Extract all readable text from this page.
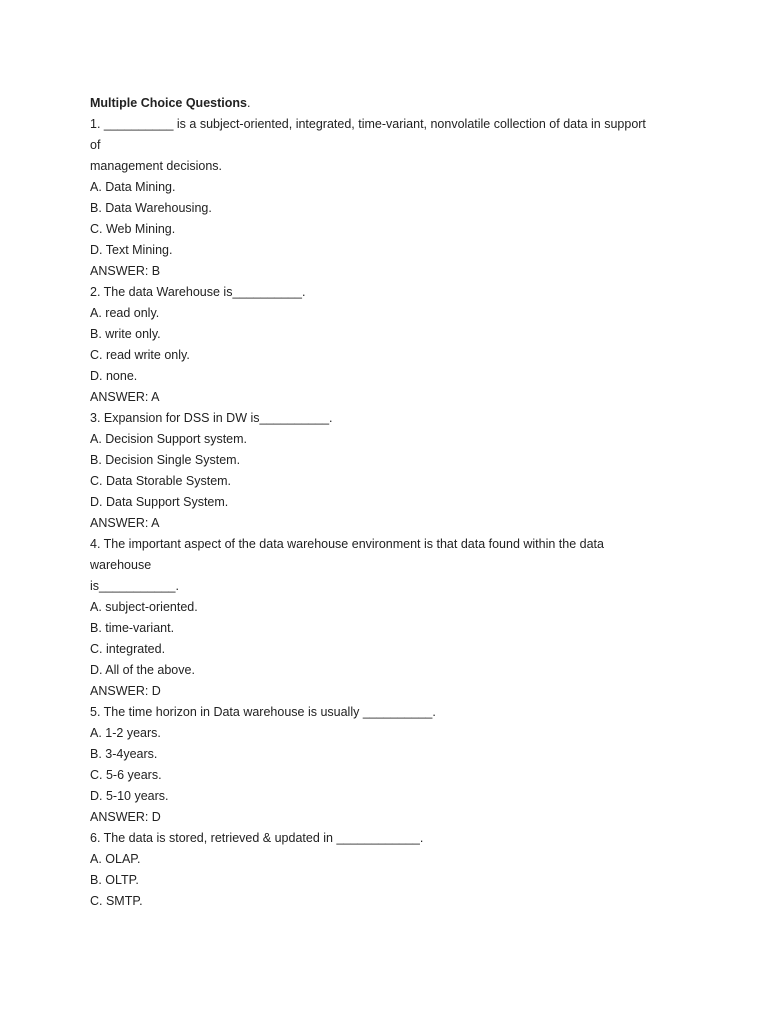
Multiple Choice Questions.
1. __________ is a subject-oriented, integrated, time-variant, nonvolatile collection of data in support
of
management decisions.
A. Data Mining.
B. Data Warehousing.
C. Web Mining.
D. Text Mining.
ANSWER: B
2. The data Warehouse is__________.
A. read only.
B. write only.
C. read write only.
D. none.
ANSWER: A
3. Expansion for DSS in DW is__________.
A. Decision Support system.
B. Decision Single System.
C. Data Storable System.
D. Data Support System.
ANSWER: A
4. The important aspect of the data warehouse environment is that data found within the data
warehouse
is___________.
A. subject-oriented.
B. time-variant.
C. integrated.
D. All of the above.
ANSWER: D
5. The time horizon in Data warehouse is usually __________.
A. 1-2 years.
B. 3-4years.
C. 5-6 years.
D. 5-10 years.
ANSWER: D
6. The data is stored, retrieved & updated in ____________.
A. OLAP.
B. OLTP.
C. SMTP.
